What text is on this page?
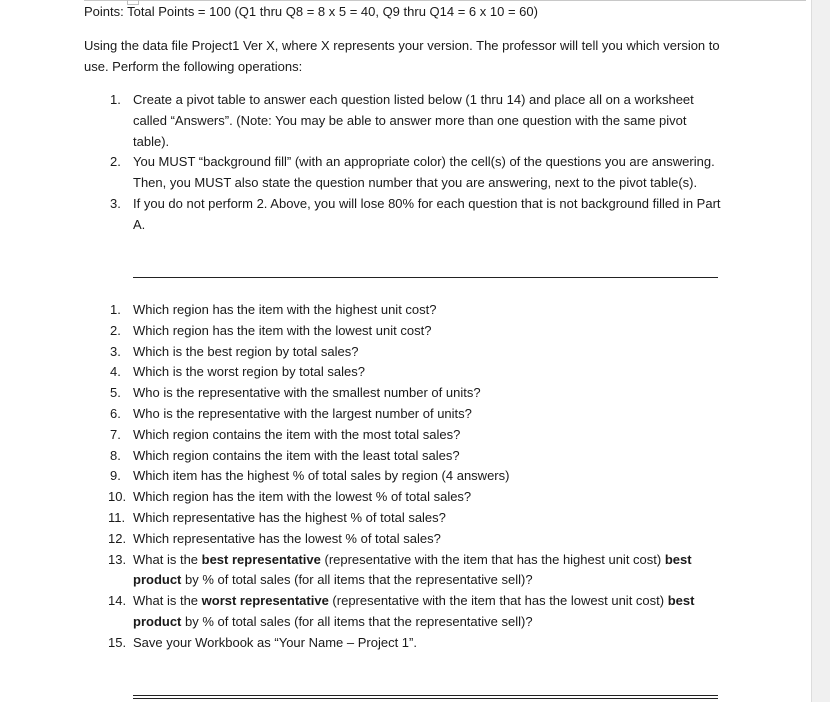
Points: Total Points = 100 (Q1 thru Q8 = 8 x 5 = 40, Q9 thru Q14 = 6 x 10 = 60)
Using the data file Project1 Ver X, where X represents your version. The professor will tell you which version to use. Perform the following operations:
1. Create a pivot table to answer each question listed below (1 thru 14) and place all on a worksheet called “Answers”. (Note: You may be able to answer more than one question with the same pivot table).
2. You MUST “background fill” (with an appropriate color) the cell(s) of the questions you are answering. Then, you MUST also state the question number that you are answering, next to the pivot table(s).
3. If you do not perform 2. Above, you will lose 80% for each question that is not background filled in Part A.
1. Which region has the item with the highest unit cost?
2. Which region has the item with the lowest unit cost?
3. Which is the best region by total sales?
4. Which is the worst region by total sales?
5. Who is the representative with the smallest number of units?
6. Who is the representative with the largest number of units?
7. Which region contains the item with the most total sales?
8. Which region contains the item with the least total sales?
9. Which item has the highest % of total sales by region (4 answers)
10. Which region has the item with the lowest % of total sales?
11. Which representative has the highest % of total sales?
12. Which representative has the lowest % of total sales?
13. What is the best representative (representative with the item that has the highest unit cost) best product by % of total sales (for all items that the representative sell)?
14. What is the worst representative (representative with the item that has the lowest unit cost) best product by % of total sales (for all items that the representative sell)?
15. Save your Workbook as “Your Name – Project 1”.
